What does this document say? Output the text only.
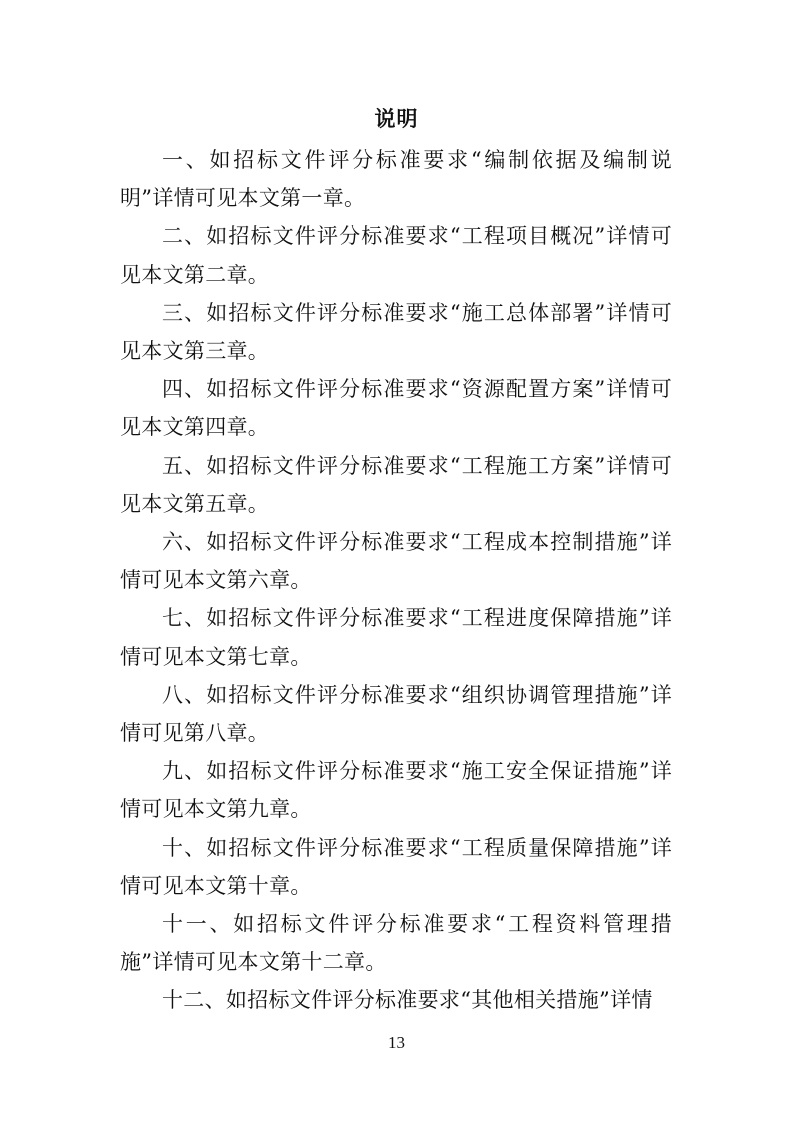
说明

一、如招标文件评分标准要求“编制依据及编制说明”详情可见本文第一章。

二、如招标文件评分标准要求“工程项目概况”详情可见本文第二章。

三、如招标文件评分标准要求“施工总体部署”详情可见本文第三章。

四、如招标文件评分标准要求“资源配置方案”详情可见本文第四章。

五、如招标文件评分标准要求“工程施工方案”详情可见本文第五章。

六、如招标文件评分标准要求“工程成本控制措施”详情可见本文第六章。

七、如招标文件评分标准要求“工程进度保障措施”详情可见本文第七章。

八、如招标文件评分标准要求“组织协调管理措施”详情可见第八章。

九、如招标文件评分标准要求“施工安全保证措施”详情可见本文第九章。

十、如招标文件评分标准要求“工程质量保障措施”详情可见本文第十章。

十一、如招标文件评分标准要求“工程资料管理措施”详情可见本文第十二章。

十二、如招标文件评分标准要求“其他相关措施”详情

13
